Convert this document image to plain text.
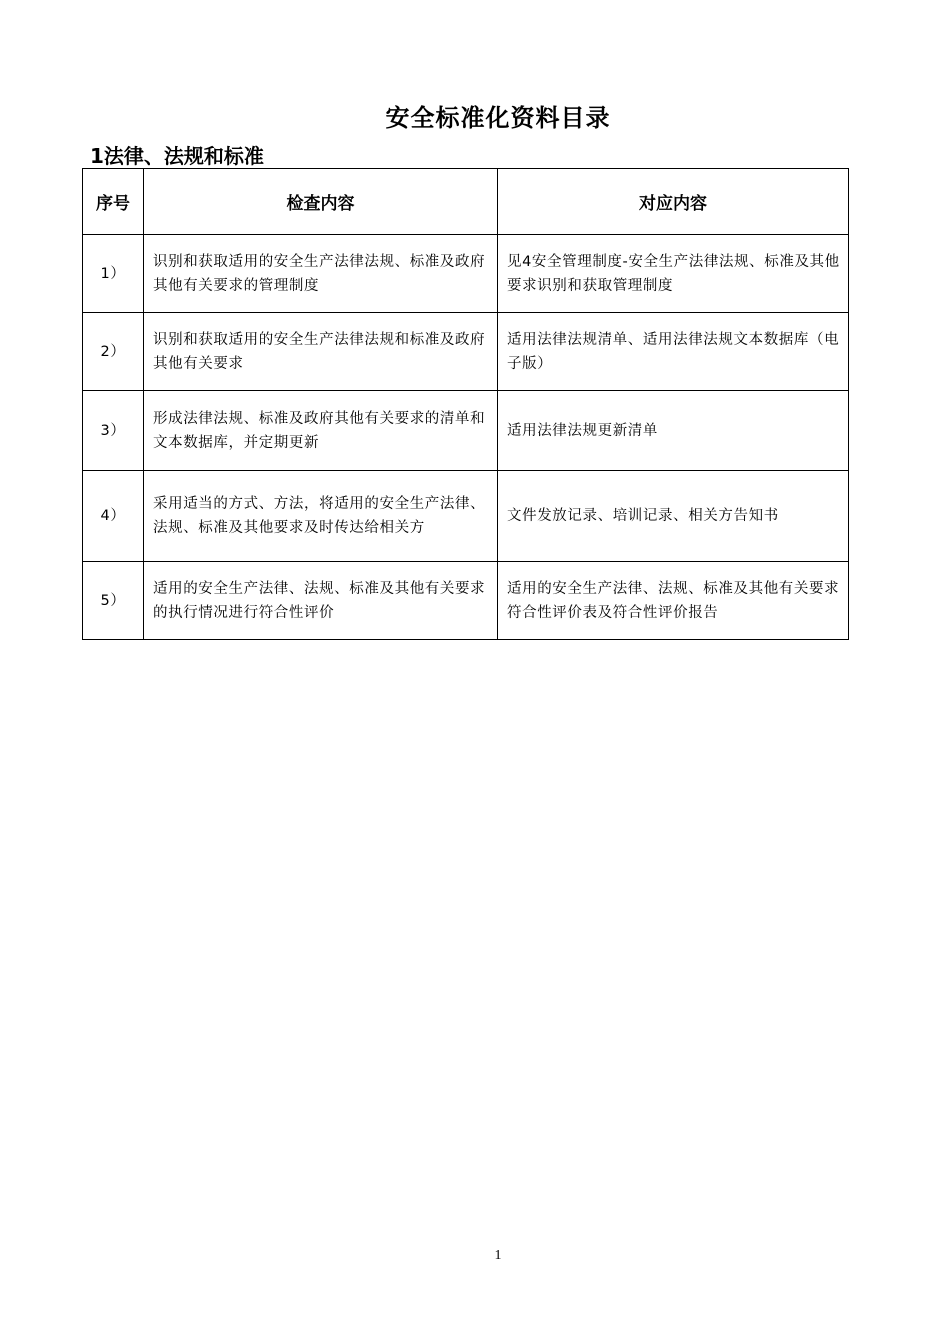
安全标准化资料目录
1法律、法规和标准
序号	检查内容	对应内容
1）	识别和获取适用的安全生产法律法规、标准及政府其他有关要求的管理制度	见4安全管理制度-安全生产法律法规、标准及其他要求识别和获取管理制度
2）	识别和获取适用的安全生产法律法规和标准及政府其他有关要求	适用法律法规清单、适用法律法规文本数据库（电子版）
3）	形成法律法规、标准及政府其他有关要求的清单和文本数据库，并定期更新	适用法律法规更新清单
4）	采用适当的方式、方法，将适用的安全生产法律、法规、标准及其他要求及时传达给相关方	文件发放记录、培训记录、相关方告知书
5）	适用的安全生产法律、法规、标准及其他有关要求的执行情况进行符合性评价	适用的安全生产法律、法规、标准及其他有关要求符合性评价表及符合性评价报告
1
